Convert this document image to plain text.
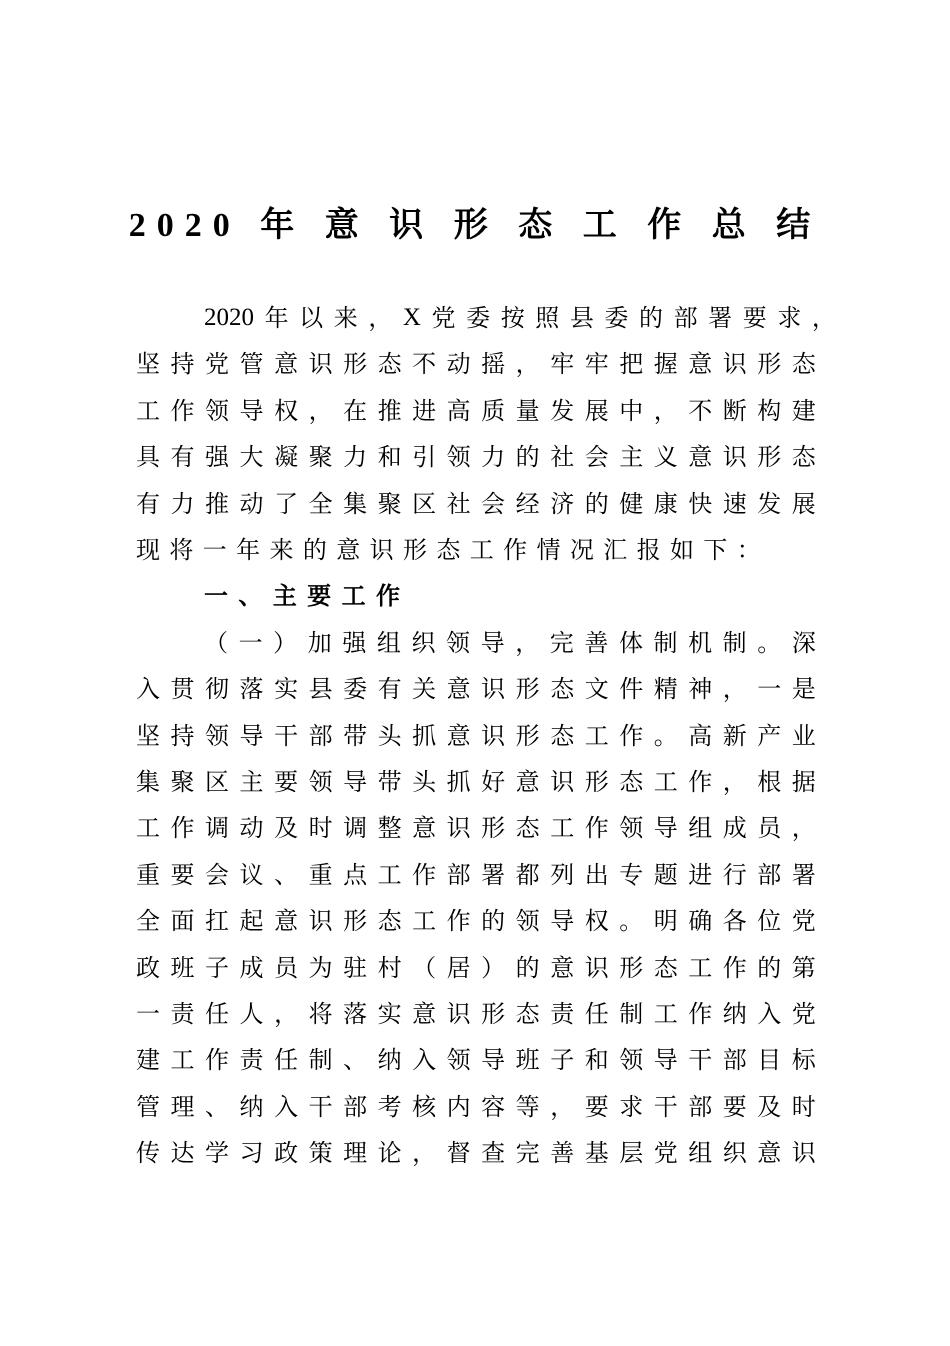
2020 年 意 识 形 态 工 作 总 结
2020 年 以 来 ， X 党 委 按 照 县 委 的 部 署 要 求 ，
坚 持 党 管 意 识 形 态 不 动 摇 ， 牢 牢 把 握 意 识 形 态
工 作 领 导 权 ， 在 推 进 高 质 量 发 展 中 ， 不 断 构 建
具 有 强 大 凝 聚 力 和 引 领 力 的 社 会 主 义 意 识 形 态
有 力 推 动 了 全 集 聚 区 社 会 经 济 的 健 康 快 速 发 展
现 将 一 年 来 的 意 识 形 态 工 作 情 况 汇 报 如 下 ：
一 、 主 要 工 作
（ 一 ） 加 强 组 织 领 导 ， 完 善 体 制 机 制 。 深
入 贯 彻 落 实 县 委 有 关 意 识 形 态 文 件 精 神 ， 一 是
坚 持 领 导 干 部 带 头 抓 意 识 形 态 工 作 。 高 新 产 业
集 聚 区 主 要 领 导 带 头 抓 好 意 识 形 态 工 作 ， 根 据
工 作 调 动 及 时 调 整 意 识 形 态 工 作 领 导 组 成 员 ，
重 要 会 议 、 重 点 工 作 部 署 都 列 出 专 题 进 行 部 署
全 面 扛 起 意 识 形 态 工 作 的 领 导 权 。 明 确 各 位 党
政 班 子 成 员 为 驻 村 （ 居 ） 的 意 识 形 态 工 作 的 第
一 责 任 人 ， 将 落 实 意 识 形 态 责 任 制 工 作 纳 入 党
建 工 作 责 任 制 、 纳 入 领 导 班 子 和 领 导 干 部 目 标
管 理 、 纳 入 干 部 考 核 内 容 等 ， 要 求 干 部 要 及 时
传 达 学 习 政 策 理 论 ， 督 查 完 善 基 层 党 组 织 意 识
